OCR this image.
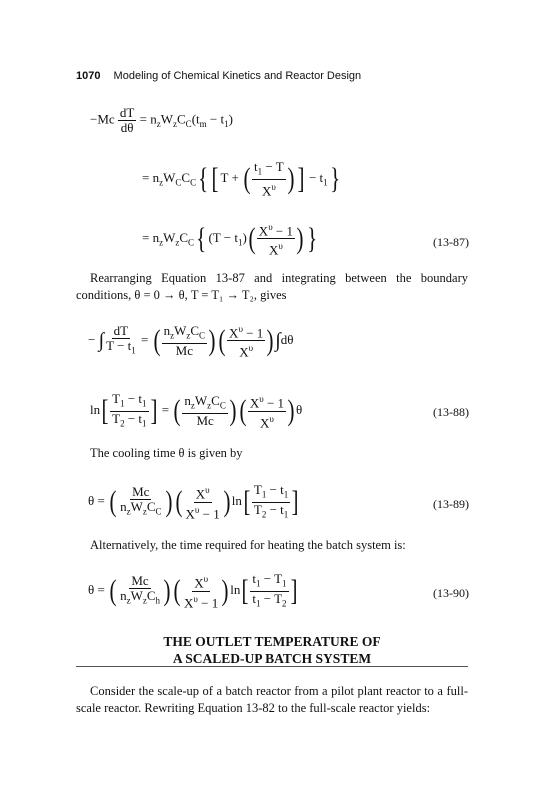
1070 Modeling of Chemical Kinetics and Reactor Design
$-Mc \frac{dT}{d\theta} = n_zW_zC_C(t_m - t_1)$
= $n_zW_CC_C${ [ T + ( $\frac{t_1 - T}{X^\upsilon}$ ) ] − $t_1$}
= $n_zW_zC_C${ $(T - t_1)( \frac{X^\upsilon - 1}{X^\upsilon}$ ) }	(13-87)
Rearranging Equation 13-87 and integrating between the boundary conditions, θ = 0 → θ, T = T₁ → T₂, gives
− ∫ $\frac{dT}{T - t_1}$ = ( $\frac{n_zW_zC_C}{Mc}$ ) ( $\frac{X^\upsilon - 1}{X^\upsilon} )\int d\theta$
$\ln[ \frac{T_1 - t_1}{T_2 - t_1}$ ] = ( $\frac{n_zW_zC_C}{Mc}$ ) ( $\frac{X^\upsilon - 1}{X^\upsilon}$ ) θ	(13-88)
The cooling time θ is given by
θ = ( $\frac{Mc}{n_zW_zC_C}$ ) ( $\frac{X^\upsilon}{X^\upsilon - 1}$ ) $\ln[ \frac{T_1 - t_1}{T_2 - t_1}$ ]	(13-89)
Alternatively, the time required for heating the batch system is:
θ = ( $\frac{Mc}{n_zW_zC_h}$ ) ( $\frac{X^\upsilon}{X^\upsilon - 1}$ ) $\ln[ \frac{t_1 - T_1}{t_1 - T_2}$ ]	(13-90)
THE OUTLET TEMPERATURE OF
A SCALED-UP BATCH SYSTEM
Consider the scale-up of a batch reactor from a pilot plant reactor to a full-scale reactor. Rewriting Equation 13-82 to the full-scale reactor yields:
